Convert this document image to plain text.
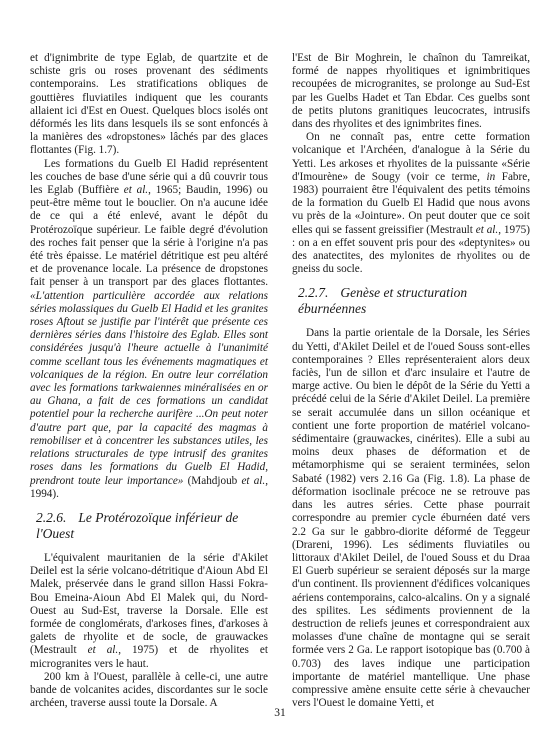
et d'ignimbrite de type Eglab, de quartzite et de schiste gris ou roses provenant des sédiments contemporains. Les stratifications obliques de gouttières fluviatiles indiquent que les courants allaient ici d'Est en Ouest. Quelques blocs isolés ont déformés les lits dans lesquels ils se sont enfoncés à la manières des «dropstones» lâchés par des glaces flottantes (Fig. 1.7).

Les formations du Guelb El Hadid représentent les couches de base d'une série qui a dû couvrir tous les Eglab (Buffière et al., 1965; Baudin, 1996) ou peut-être même tout le bouclier. On n'a aucune idée de ce qui a été enlevé, avant le dépôt du Protérozoïque supérieur. Le faible degré d'évolution des roches fait penser que la série à l'origine n'a pas été très épaisse. Le matériel détritique est peu altéré et de provenance locale. La présence de dropstones fait penser à un transport par des glaces flottantes. «L'attention particulière accordée aux relations séries molassiques du Guelb El Hadid et les granites roses Aftout se justifie par l'intérêt que présente ces dernières séries dans l'histoire des Eglab. Elles sont considérées jusqu'à l'heure actuelle à l'unanimité comme scellant tous les événements magmatiques et volcaniques de la région. En outre leur corrélation avec les formations tarkwaiennes minéralisées en or au Ghana, a fait de ces formations un candidat potentiel pour la recherche aurifère ...On peut noter d'autre part que, par la capacité des magmas à remobiliser et à concentrer les substances utiles, les relations structurales de type intrusif des granites roses dans les formations du Guelb El Hadid, prendront toute leur importance» (Mahdjoub et al., 1994).

2.2.6. Le Protérozoïque inférieur de l'Ouest

L'équivalent mauritanien de la série d'Akilet Deilel est la série volcano-détritique d'Aioun Abd El Malek, préservée dans le grand sillon Hassi Fokra-Bou Emeina-Aioun Abd El Malek qui, du Nord-Ouest au Sud-Est, traverse la Dorsale. Elle est formée de conglomérats, d'arkoses fines, d'arkoses à galets de rhyolite et de socle, de grauwackes (Mestrault et al., 1975) et de rhyolites et microgranites vers le haut.

200 km à l'Ouest, parallèle à celle-ci, une autre bande de volcanites acides, discordantes sur le socle archéen, traverse aussi toute la Dorsale. A

l'Est de Bir Moghrein, le chaînon du Tamreikat, formé de nappes rhyolitiques et ignimbritiques recoupées de microgranites, se prolonge au Sud-Est par les Guelbs Hadet et Tan Ebdar. Ces guelbs sont de petits plutons granitiques leucocrates, intrusifs dans des rhyolites et des ignimbrites fines.

On ne connaît pas, entre cette formation volcanique et l'Archéen, d'analogue à la Série du Yetti. Les arkoses et rhyolites de la puissante «Série d'Imourène» de Sougy (voir ce terme, in Fabre, 1983) pourraient être l'équivalent des petits témoins de la formation du Guelb El Hadid que nous avons vu près de la «Jointure». On peut douter que ce soit elles qui se fassent greissifier (Mestrault et al., 1975) : on a en effet souvent pris pour des «deptynites» ou des anatectites, des mylonites de rhyolites ou de gneiss du socle.

2.2.7. Genèse et structuration éburnéennes

Dans la partie orientale de la Dorsale, les Séries du Yetti, d'Akilet Deilel et de l'oued Souss sont-elles contemporaines ? Elles représenteraient alors deux faciès, l'un de sillon et d'arc insulaire et l'autre de marge active. Ou bien le dépôt de la Série du Yetti a précédé celui de la Série d'Akilet Deilel. La première se serait accumulée dans un sillon océanique et contient une forte proportion de matériel volcano-sédimentaire (grauwackes, cinérites). Elle a subi au moins deux phases de déformation et de métamorphisme qui se seraient terminées, selon Sabaté (1982) vers 2.16 Ga (Fig. 1.8). La phase de déformation isoclinale précoce ne se retrouve pas dans les autres séries. Cette phase pourrait correspondre au premier cycle éburnéen daté vers 2.2 Ga sur le gabbro-diorite déformé de Teggeur (Drareni, 1996). Les sédiments fluviatiles ou littoraux d'Akilet Deilel, de l'oued Souss et du Draa El Guerb supérieur se seraient déposés sur la marge d'un continent. Ils proviennent d'édifices volcaniques aériens contemporains, calco-alcalins. On y a signalé des spilites. Les sédiments proviennent de la destruction de reliefs jeunes et correspondraient aux molasses d'une chaîne de montagne qui se serait formée vers 2 Ga. Le rapport isotopique bas (0.700 à 0.703) des laves indique une participation importante de matériel mantellique. Une phase compressive amène ensuite cette série à chevaucher vers l'Ouest le domaine Yetti, et

31
